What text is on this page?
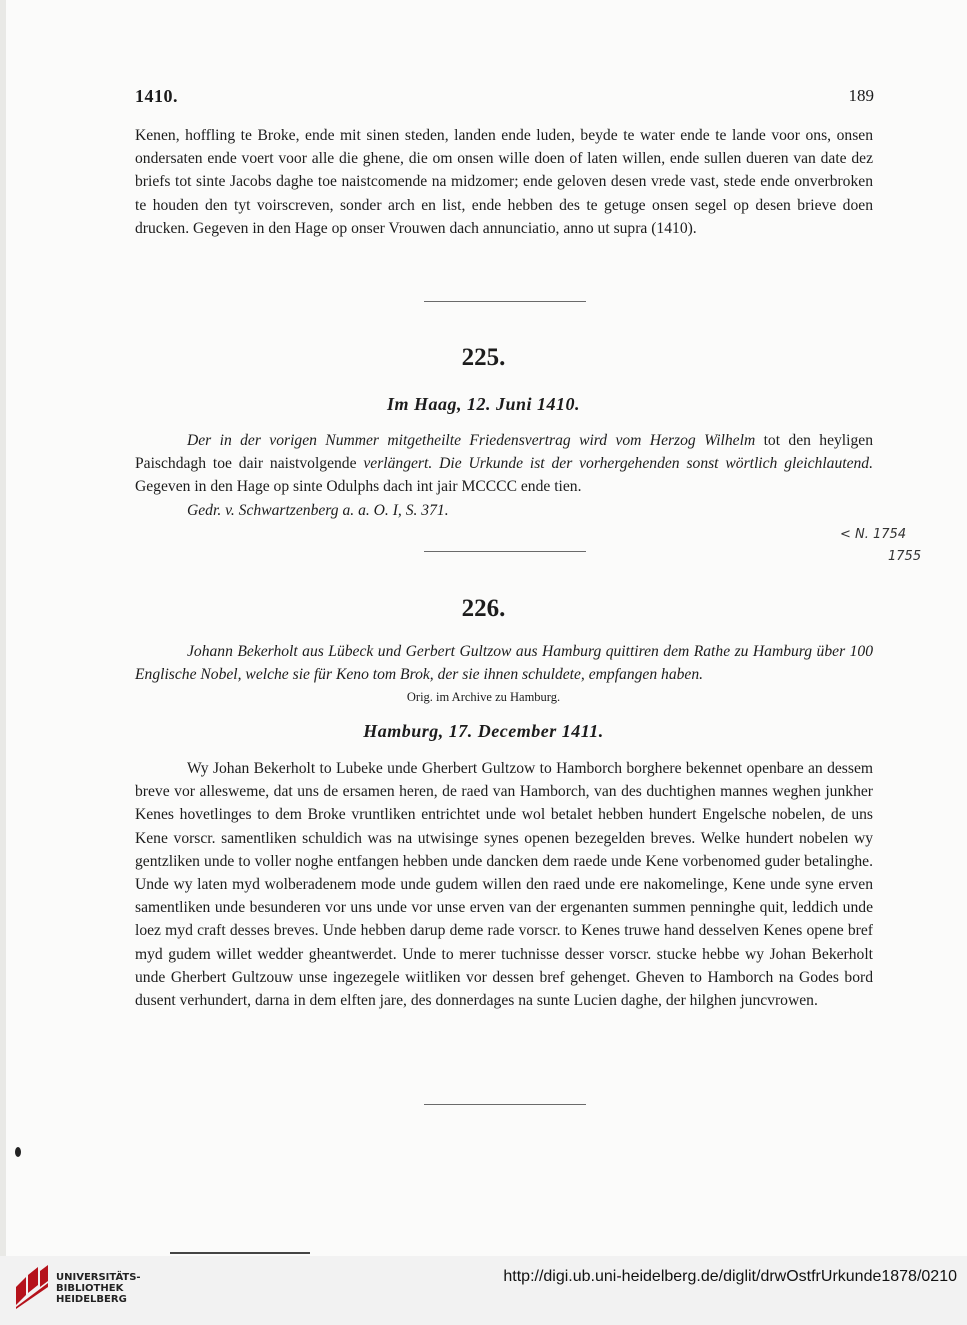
1410.	189

Kenen, hoffling te Broke, ende mit sinen steden, landen ende luden, beyde te water ende te lande voor ons, onsen ondersaten ende voert voor alle die ghene, die om onsen wille doen of laten willen, ende sullen dueren van date dez briefs tot sinte Jacobs daghe toe naistcomende na midzomer; ende geloven desen vrede vast, stede ende onverbroken te houden den tyt voirscreven, sonder arch en list, ende hebben des te getuge onsen segel op desen brieve doen drucken. Gegeven in den Hage op onser Vrouwen dach annunciatio, anno ut supra (1410).

225.
Im Haag, 12. Juni 1410.

Der in der vorigen Nummer mitgetheilte Friedensvertrag wird vom Herzog Wilhelm tot den heyligen Paischdagh toe dair naistvolgende verlängert. Die Urkunde ist der vorhergehenden sonst wörtlich gleichlautend. Gegeven in den Hage op sinte Odulphs dach int jair MCCCC ende tien.

Gedr. v. Schwartzenberg a. a. O. I, S. 371.

< N. 1754
1755
226.

Johann Bekerholt aus Lübeck und Gerbert Gultzow aus Hamburg quittiren dem Rathe zu Hamburg über 100 Englische Nobel, welche sie für Keno tom Brok, der sie ihnen schuldete, empfangen haben.

Orig. im Archive zu Hamburg.
Hamburg, 17. December 1411.

Wy Johan Bekerholt to Lubeke unde Gherbert Gultzow to Hamborch borghere bekennet openbare an dessem breve vor allesweme, dat uns de ersamen heren, de raed van Hamborch, van des duchtighen mannes weghen junkher Kenes hovetlinges to dem Broke vruntliken entrichtet unde wol betalet hebben hundert Engelsche nobelen, de uns Kene vorscr. samentliken schuldich was na utwisinge synes openen bezegelden breves. Welke hundert nobelen wy gentzliken unde to voller noghe entfangen hebben unde dancken dem raede unde Kene vorbenomed guder betalinghe. Unde wy laten myd wolberadenem mode unde gudem willen den raed unde ere nakomelinge, Kene unde syne erven samentliken unde besunderen vor uns unde vor unse erven van der ergenanten summen penninghe quit, leddich unde loez myd craft desses breves. Unde hebben darup deme rade vorscr. to Kenes truwe hand desselven Kenes opene bref myd gudem willet wedder gheantwerdet. Unde to merer tuchnisse desser vorscr. stucke hebbe wy Johan Bekerholt unde Gherbert Gultzouw unse ingezegele wiitliken vor dessen bref gehenget. Gheven to Hamborch na Godes bord dusent verhundert, darna in dem elften jare, des donnerdages na sunte Lucien daghe, der hilghen juncvrowen.

UNIVERSITÄTS-
BIBLIOTHEK
HEIDELBERG
http://digi.ub.uni-heidelberg.de/diglit/drwOstfrUrkunde1878/0210
